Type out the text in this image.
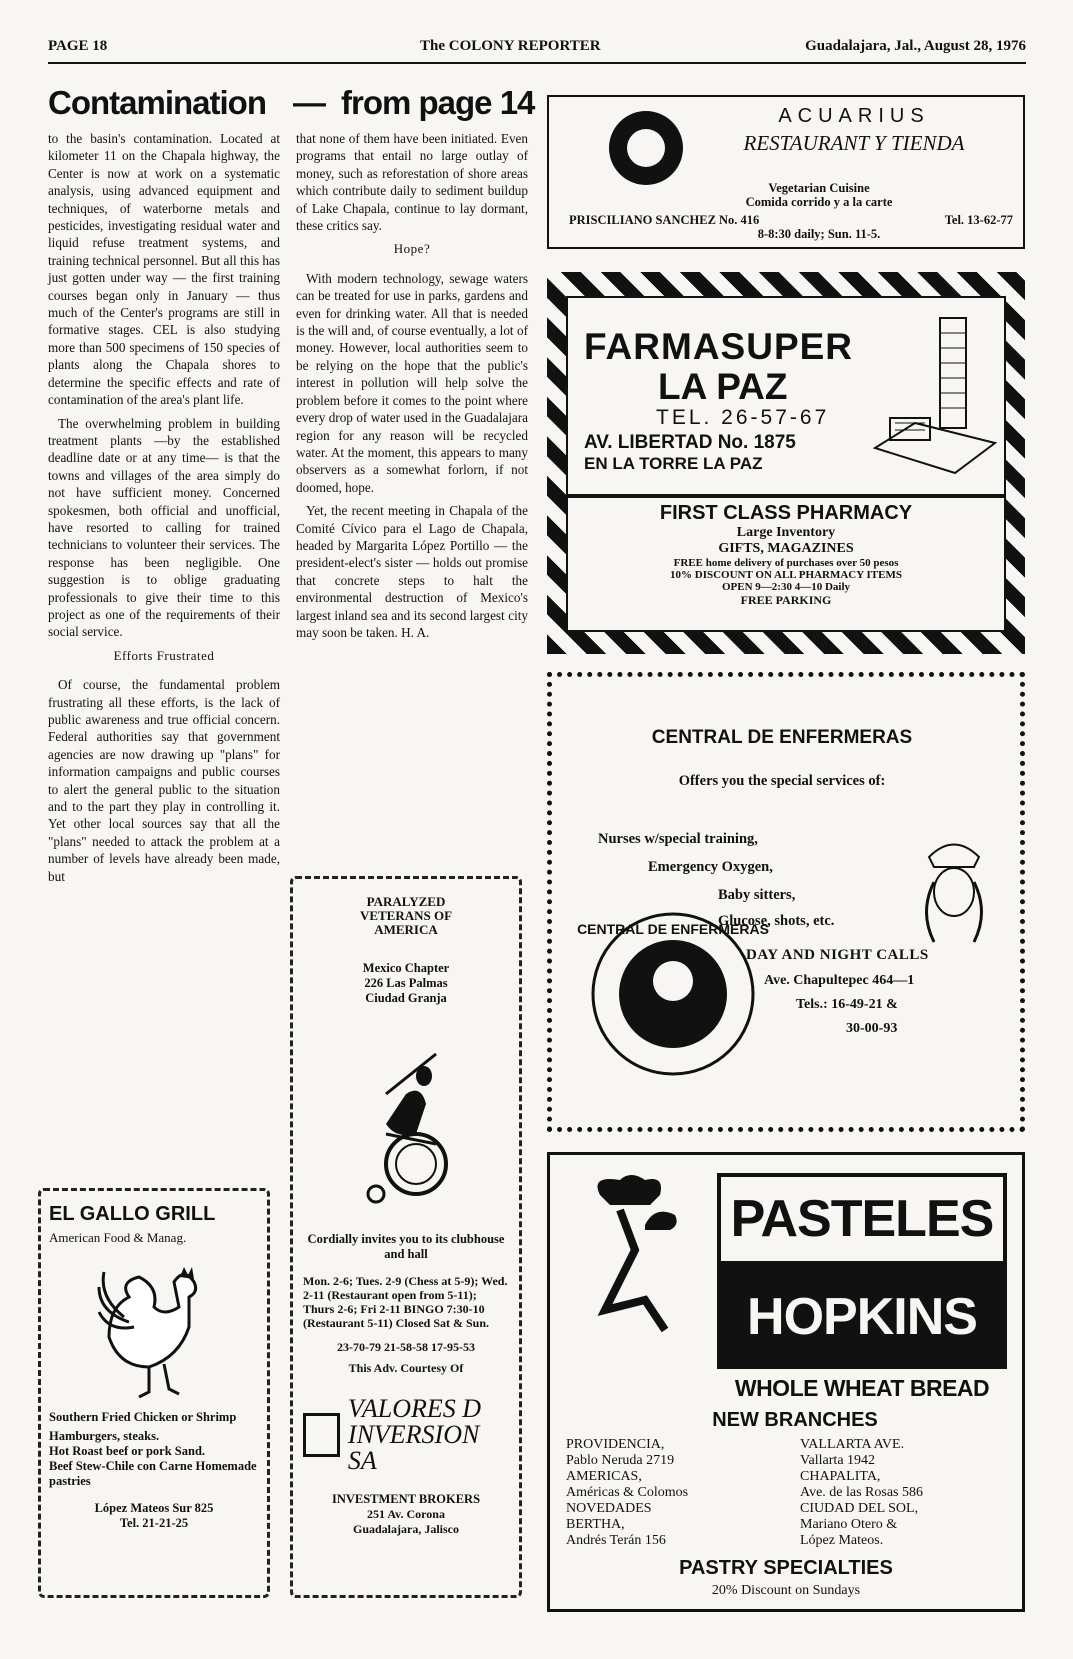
PAGE 18	The COLONY REPORTER	Guadalajara, Jal., August 28, 1976
Contamination — from page 14

to the basin's contamination. Located at kilometer 11 on the Chapala highway, the Center is now at work on a systematic analysis, using advanced equipment and techniques, of waterborne metals and pesticides, investigating residual water and liquid refuse treatment systems, and training technical personnel. But all this has just gotten under way — the first training courses began only in January — thus much of the Center's programs are still in formative stages. CEL is also studying more than 500 specimens of 150 species of plants along the Chapala shores to determine the specific effects and rate of contamination of the area's plant life.

The overwhelming problem in building treatment plants —by the established deadline date or at any time— is that the towns and villages of the area simply do not have sufficient money. Concerned spokesmen, both official and unofficial, have resorted to calling for trained technicians to volunteer their services. The response has been negligible. One suggestion is to oblige graduating professionals to give their time to this project as one of the requirements of their social service.

Efforts Frustrated

Of course, the fundamental problem frustrating all these efforts, is the lack of public awareness and true official concern. Federal authorities say that government agencies are now drawing up "plans" for information campaigns and public courses to alert the general public to the situation and to the part they play in controlling it. Yet other local sources say that all the "plans" needed to attack the problem at a number of levels have already been made, but

that none of them have been initiated. Even programs that entail no large outlay of money, such as reforestation of shore areas which contribute daily to sediment buildup of Lake Chapala, continue to lay dormant, these critics say.

Hope?

With modern technology, sewage waters can be treated for use in parks, gardens and even for drinking water. All that is needed is the will and, of course eventually, a lot of money. However, local authorities seem to be relying on the hope that the public's interest in pollution will help solve the problem before it comes to the point where every drop of water used in the Guadalajara region for any reason will be recycled water. At the moment, this appears to many observers as a somewhat forlorn, if not doomed, hope.

Yet, the recent meeting in Chapala of the Comité Cívico para el Lago de Chapala, headed by Margarita López Portillo — the president-elect's sister — holds out promise that concrete steps to halt the environmental destruction of Mexico's largest inland sea and its second largest city may soon be taken. H. A.

EL GALLO GRILL
American Food & Manag.
Southern Fried Chicken or Shrimp
Hamburgers, steaks.
Hot Roast beef or pork Sand.
Beef Stew-Chile con Carne Homemade pastries
López Mateos Sur 825
Tel. 21-21-25
PARALYZED VETERANS OF AMERICA
Mexico Chapter
226 Las Palmas
Ciudad Granja
Cordially invites you to its clubhouse and hall
Mon. 2-6; Tues. 2-9 (Chess at 5-9); Wed. 2-11 (Restaurant open from 5-11); Thurs 2-6; Fri 2-11 BINGO 7:30-10 (Restaurant 5-11) Closed Sat & Sun.
23-70-79 21-58-58 17-95-53
This Adv. Courtesy Of
VALORES D
INVERSION SA
INVESTMENT BROKERS
251 Av. Corona
Guadalajara, Jalisco
ACUARIUS
RESTAURANT Y TIENDA
Vegetarian Cuisine
Comida corrido y a la carte
PRISCILIANO SANCHEZ No. 416	Tel. 13-62-77
8-8:30 daily; Sun. 11-5.
FARMASUPER
LA PAZ
TEL. 26-57-67
AV. LIBERTAD No. 1875
EN LA TORRE LA PAZ
FIRST CLASS PHARMACY
Large Inventory
GIFTS, MAGAZINES
FREE home delivery of purchases over 50 pesos
10% DISCOUNT ON ALL PHARMACY ITEMS
OPEN 9—2:30 4—10 Daily
FREE PARKING
CENTRAL DE ENFERMERAS
Offers you the special services of:
Nurses w/special training,
Emergency Oxygen,
Baby sitters,
Glucose, shots, etc.
CENTRAL DE ENFERMERAS
DAY AND NIGHT CALLS
Ave. Chapultepec 464—1
Tels.: 16-49-21 &
30-00-93
PASTELES
HOPKINS
WHOLE WHEAT BREAD
NEW BRANCHES
PROVIDENCIA,
Pablo Neruda 2719
AMERICAS,
Américas & Colomos
NOVEDADES
BERTHA,
Andrés Terán 156
VALLARTA AVE.
Vallarta 1942
CHAPALITA,
Ave. de las Rosas 586
CIUDAD DEL SOL,
Mariano Otero &
López Mateos.
PASTRY SPECIALTIES
20% Discount on Sundays
